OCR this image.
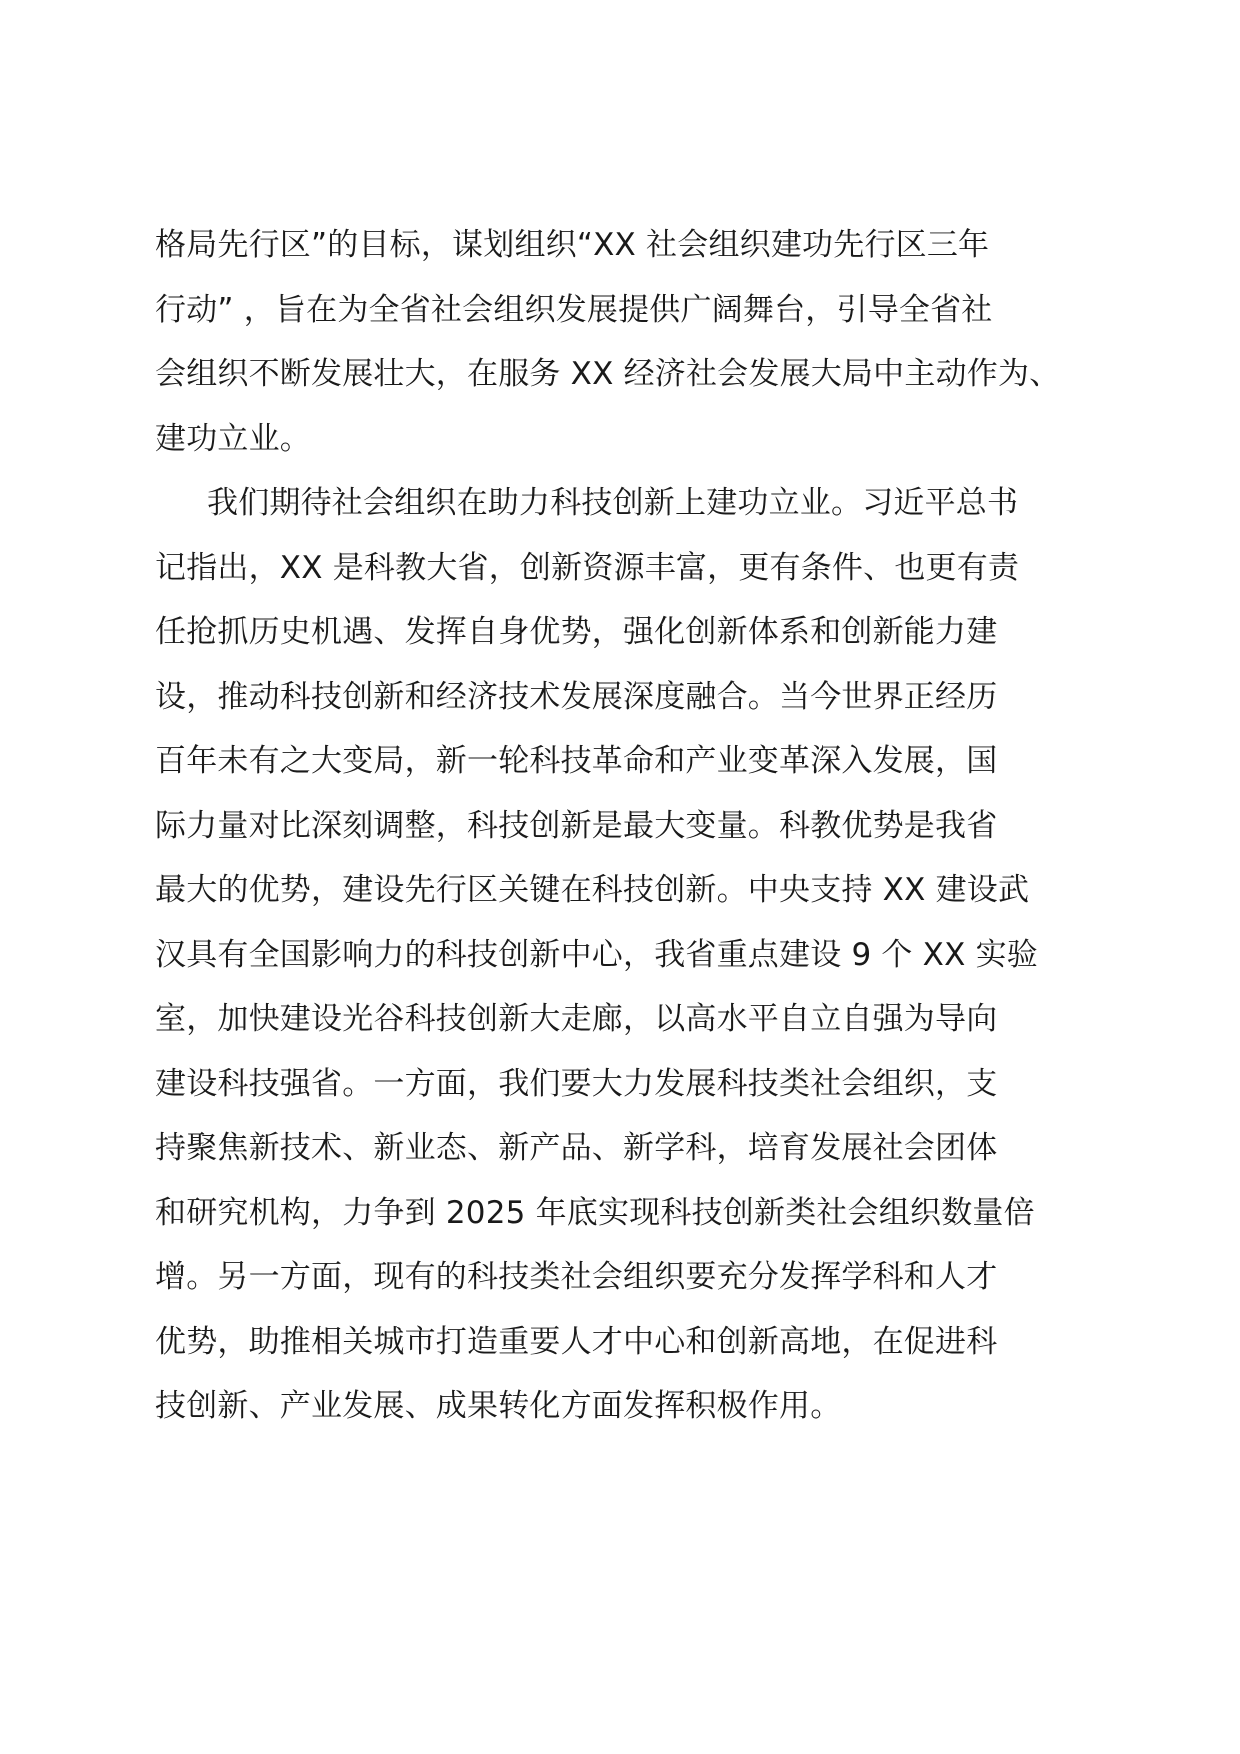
格局先行区”的目标，谋划组织“XX 社会组织建功先行区三年
行动” ，旨在为全省社会组织发展提供广阔舞台，引导全省社
会组织不断发展壮大，在服务 XX 经济社会发展大局中主动作为、
建功立业。
我们期待社会组织在助力科技创新上建功立业。习近平总书
记指出，XX 是科教大省，创新资源丰富，更有条件、也更有责
任抢抓历史机遇、发挥自身优势，强化创新体系和创新能力建
设，推动科技创新和经济技术发展深度融合。当今世界正经历
百年未有之大变局，新一轮科技革命和产业变革深入发展，国
际力量对比深刻调整，科技创新是最大变量。科教优势是我省
最大的优势，建设先行区关键在科技创新。中央支持 XX 建设武
汉具有全国影响力的科技创新中心，我省重点建设 9 个 XX 实验
室，加快建设光谷科技创新大走廊，以高水平自立自强为导向
建设科技强省。一方面，我们要大力发展科技类社会组织，支
持聚焦新技术、新业态、新产品、新学科，培育发展社会团体
和研究机构，力争到 2025 年底实现科技创新类社会组织数量倍
增。另一方面，现有的科技类社会组织要充分发挥学科和人才
优势，助推相关城市打造重要人才中心和创新高地，在促进科
技创新、产业发展、成果转化方面发挥积极作用。
